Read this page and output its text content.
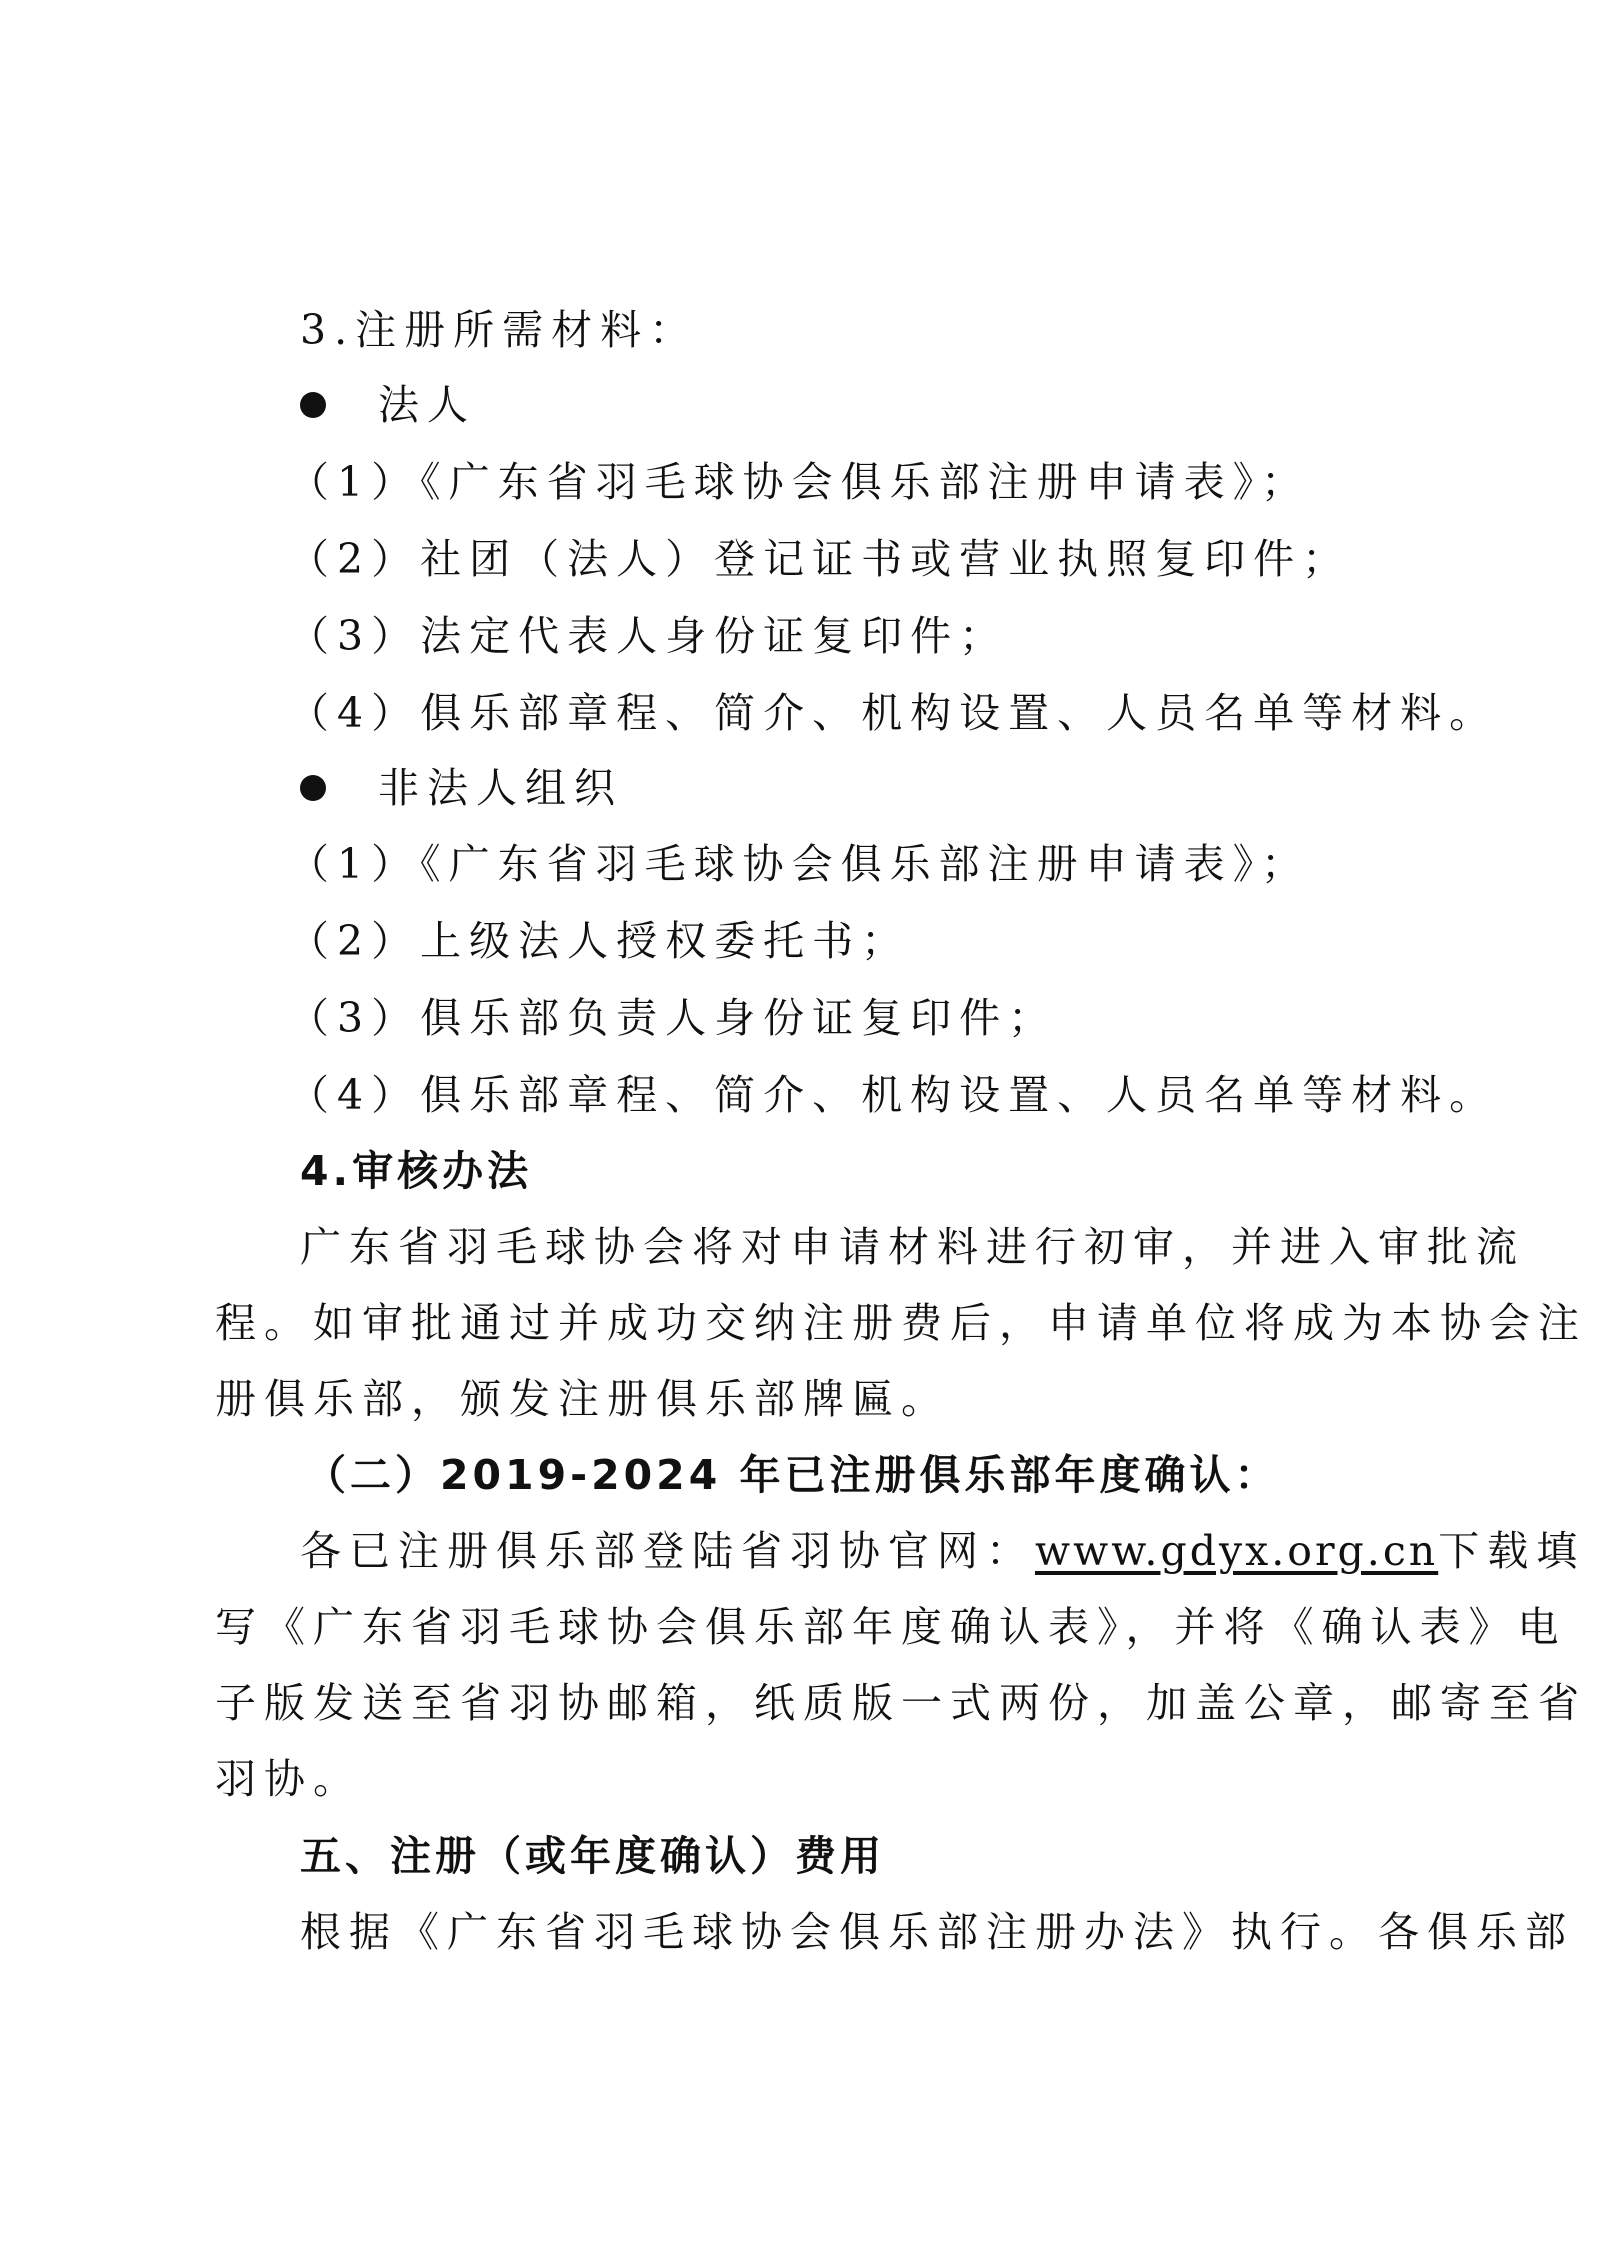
3.注册所需材料：
法人
（1）《广东省羽毛球协会俱乐部注册申请表》；
（2）社团（法人）登记证书或营业执照复印件；
（3）法定代表人身份证复印件；
（4）俱乐部章程、简介、机构设置、人员名单等材料。
非法人组织
（1）《广东省羽毛球协会俱乐部注册申请表》；
（2）上级法人授权委托书；
（3）俱乐部负责人身份证复印件；
（4）俱乐部章程、简介、机构设置、人员名单等材料。
4.审核办法
广东省羽毛球协会将对申请材料进行初审，并进入审批流
程。如审批通过并成功交纳注册费后，申请单位将成为本协会注
册俱乐部，颁发注册俱乐部牌匾。
（二）2019-2024 年已注册俱乐部年度确认：
各已注册俱乐部登陆省羽协官网：www.gdyx.org.cn下载填
写《广东省羽毛球协会俱乐部年度确认表》，并将《确认表》电
子版发送至省羽协邮箱，纸质版一式两份，加盖公章，邮寄至省
羽协。
五、注册（或年度确认）费用
根据《广东省羽毛球协会俱乐部注册办法》执行。各俱乐部
